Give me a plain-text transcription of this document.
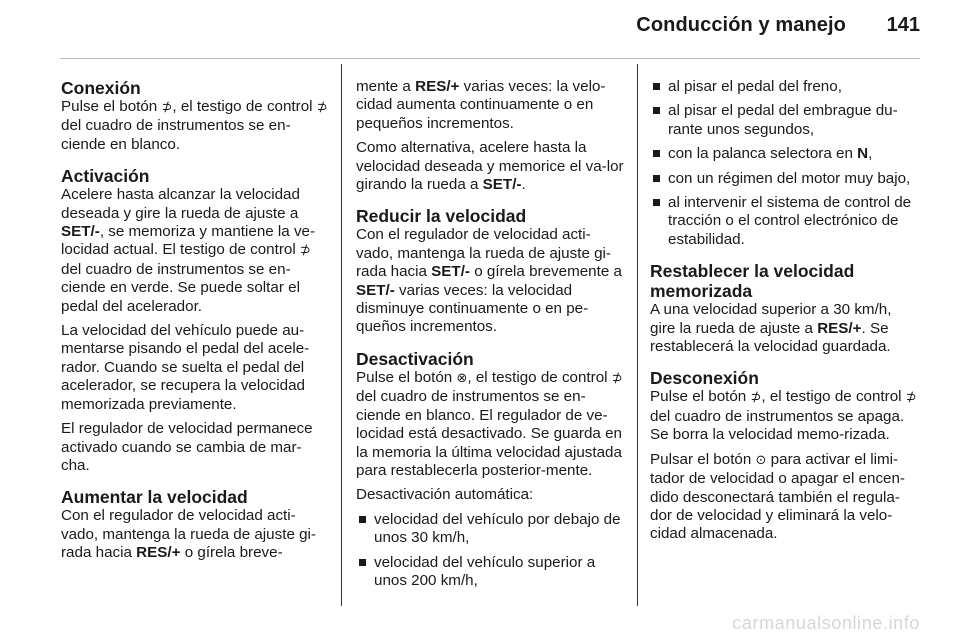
Conducción y manejo 141
Conexión

Pulse el botón ⊅, el testigo de control ⊅ del cuadro de instrumentos se en-ciende en blanco.

Activación

Acelere hasta alcanzar la velocidad deseada y gire la rueda de ajuste a SET/-, se memoriza y mantiene la ve-locidad actual. El testigo de control ⊅ del cuadro de instrumentos se en-ciende en verde. Se puede soltar el pedal del acelerador.

La velocidad del vehículo puede au-mentarse pisando el pedal del acele-rador. Cuando se suelta el pedal del acelerador, se recupera la velocidad memorizada previamente.

El regulador de velocidad permanece activado cuando se cambia de mar-cha.

Aumentar la velocidad

Con el regulador de velocidad acti-vado, mantenga la rueda de ajuste gi-rada hacia RES/+ o gírela breve-

mente a RES/+ varias veces: la velo-cidad aumenta continuamente o en pequeños incrementos.

Como alternativa, acelere hasta la velocidad deseada y memorice el va-lor girando la rueda a SET/-.

Reducir la velocidad

Con el regulador de velocidad acti-vado, mantenga la rueda de ajuste gi-rada hacia SET/- o gírela brevemente a SET/- varias veces: la velocidad disminuye continuamente o en pe-queños incrementos.

Desactivación

Pulse el botón ⊗, el testigo de control ⊅ del cuadro de instrumentos se en-ciende en blanco. El regulador de ve-locidad está desactivado. Se guarda en la memoria la última velocidad ajustada para restablecerla posterior-mente.

Desactivación automática:

velocidad del vehículo por debajo de unos 30 km/h,
velocidad del vehículo superior a unos 200 km/h,
al pisar el pedal del freno,
al pisar el pedal del embrague du-rante unos segundos,
con la palanca selectora en N,
con un régimen del motor muy bajo,
al intervenir el sistema de control de tracción o el control electrónico de estabilidad.
Restablecer la velocidad memorizada

A una velocidad superior a 30 km/h, gire la rueda de ajuste a RES/+. Se restablecerá la velocidad guardada.

Desconexión

Pulse el botón ⊅, el testigo de control ⊅ del cuadro de instrumentos se apaga. Se borra la velocidad memo-rizada.

Pulsar el botón ⊙ para activar el limi-tador de velocidad o apagar el encen-dido desconectará también el regula-dor de velocidad y eliminará la velo-cidad almacenada.

carmanualsonline.info
